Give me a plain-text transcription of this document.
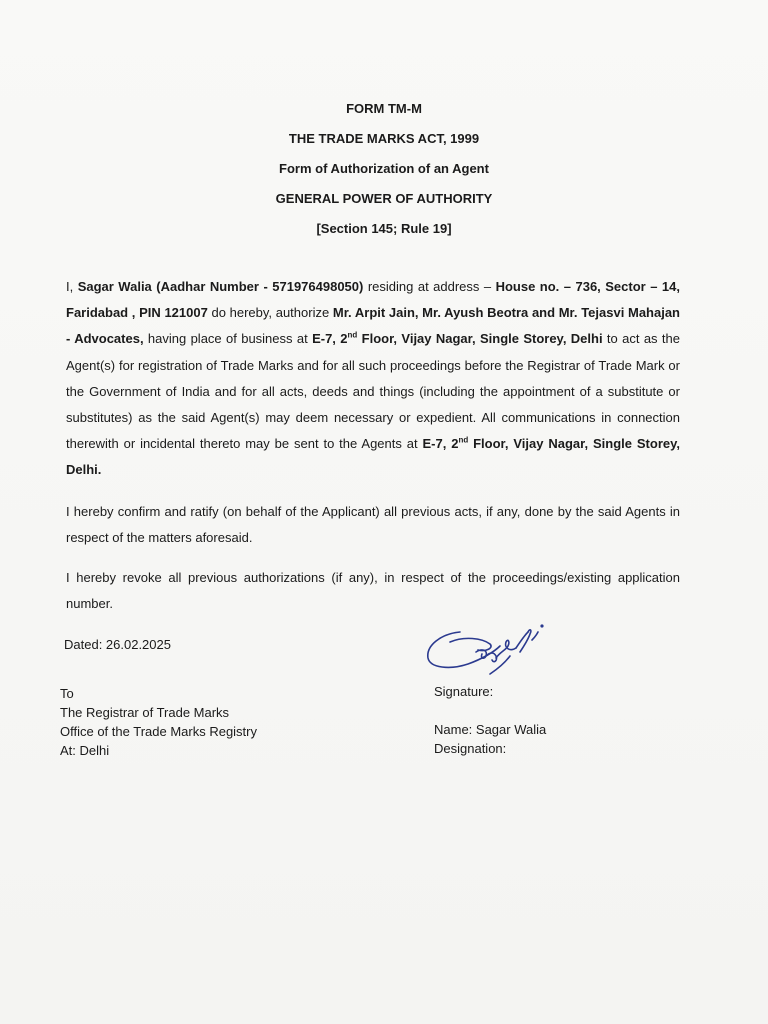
FORM TM-M
THE TRADE MARKS ACT, 1999
Form of Authorization of an Agent
GENERAL POWER OF AUTHORITY
[Section 145; Rule 19]
I, Sagar Walia (Aadhar Number - 571976498050) residing at address – House no. – 736, Sector – 14, Faridabad , PIN 121007 do hereby, authorize Mr. Arpit Jain, Mr. Ayush Beotra and Mr. Tejasvi Mahajan - Advocates, having place of business at E-7, 2nd Floor, Vijay Nagar, Single Storey, Delhi to act as the Agent(s) for registration of Trade Marks and for all such proceedings before the Registrar of Trade Mark or the Government of India and for all acts, deeds and things (including the appointment of a substitute or substitutes) as the said Agent(s) may deem necessary or expedient. All communications in connection therewith or incidental thereto may be sent to the Agents at E-7, 2nd Floor, Vijay Nagar, Single Storey, Delhi.
I hereby confirm and ratify (on behalf of the Applicant) all previous acts, if any, done by the said Agents in respect of the matters aforesaid.
I hereby revoke all previous authorizations (if any), in respect of the proceedings/existing application number.
Dated: 26.02.2025
To
The Registrar of Trade Marks
Office of the Trade Marks Registry
At: Delhi
Signature:
Name: Sagar Walia
Designation:
